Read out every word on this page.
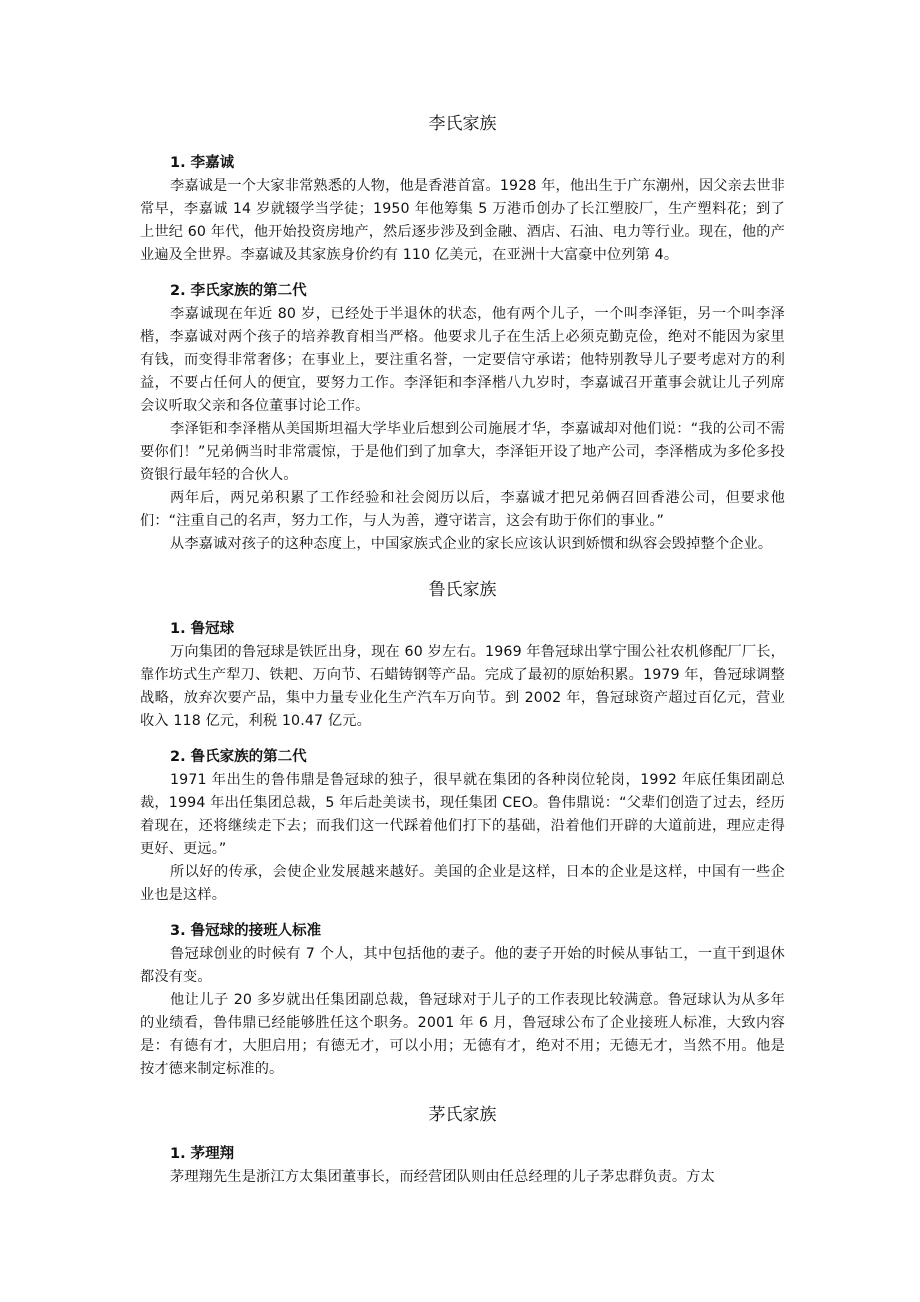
李氏家族
1. 李嘉诚

李嘉诚是一个大家非常熟悉的人物，他是香港首富。1928 年，他出生于广东潮州，因父亲去世非常早，李嘉诚 14 岁就辍学当学徒；1950 年他筹集 5 万港币创办了长江塑胶厂，生产塑料花；到了上世纪 60 年代，他开始投资房地产，然后逐步涉及到金融、酒店、石油、电力等行业。现在，他的产业遍及全世界。李嘉诚及其家族身价约有 110 亿美元，在亚洲十大富豪中位列第 4。

2. 李氏家族的第二代

李嘉诚现在年近 80 岁，已经处于半退休的状态，他有两个儿子，一个叫李泽钜，另一个叫李泽楷，李嘉诚对两个孩子的培养教育相当严格。他要求儿子在生活上必须克勤克俭，绝对不能因为家里有钱，而变得非常奢侈；在事业上，要注重名誉，一定要信守承诺；他特别教导儿子要考虑对方的利益，不要占任何人的便宜，要努力工作。李泽钜和李泽楷八九岁时，李嘉诚召开董事会就让儿子列席会议听取父亲和各位董事讨论工作。

李泽钜和李泽楷从美国斯坦福大学毕业后想到公司施展才华，李嘉诚却对他们说：“我的公司不需要你们！”兄弟俩当时非常震惊，于是他们到了加拿大，李泽钜开设了地产公司，李泽楷成为多伦多投资银行最年轻的合伙人。

两年后，两兄弟积累了工作经验和社会阅历以后，李嘉诚才把兄弟俩召回香港公司，但要求他们：“注重自己的名声，努力工作，与人为善，遵守诺言，这会有助于你们的事业。”

从李嘉诚对孩子的这种态度上，中国家族式企业的家长应该认识到娇惯和纵容会毁掉整个企业。

鲁氏家族
1. 鲁冠球

万向集团的鲁冠球是铁匠出身，现在 60 岁左右。1969 年鲁冠球出掌宁围公社农机修配厂厂长，靠作坊式生产犁刀、铁耙、万向节、石蜡铸钢等产品。完成了最初的原始积累。1979 年，鲁冠球调整战略，放弃次要产品，集中力量专业化生产汽车万向节。到 2002 年，鲁冠球资产超过百亿元，营业收入 118 亿元，利税 10.47 亿元。

2. 鲁氏家族的第二代

1971 年出生的鲁伟鼎是鲁冠球的独子，很早就在集团的各种岗位轮岗，1992 年底任集团副总裁，1994 年出任集团总裁，5 年后赴美读书，现任集团 CEO。鲁伟鼎说：“父辈们创造了过去，经历着现在，还将继续走下去；而我们这一代踩着他们打下的基础，沿着他们开辟的大道前进，理应走得更好、更远。”

所以好的传承，会使企业发展越来越好。美国的企业是这样，日本的企业是这样，中国有一些企业也是这样。

3. 鲁冠球的接班人标准

鲁冠球创业的时候有 7 个人，其中包括他的妻子。他的妻子开始的时候从事钻工，一直干到退休都没有变。

他让儿子 20 多岁就出任集团副总裁，鲁冠球对于儿子的工作表现比较满意。鲁冠球认为从多年的业绩看，鲁伟鼎已经能够胜任这个职务。2001 年 6 月，鲁冠球公布了企业接班人标准，大致内容是：有德有才，大胆启用；有德无才，可以小用；无德有才，绝对不用；无德无才，当然不用。他是按才德来制定标准的。

茅氏家族
1. 茅理翔

茅理翔先生是浙江方太集团董事长，而经营团队则由任总经理的儿子茅忠群负责。方太
